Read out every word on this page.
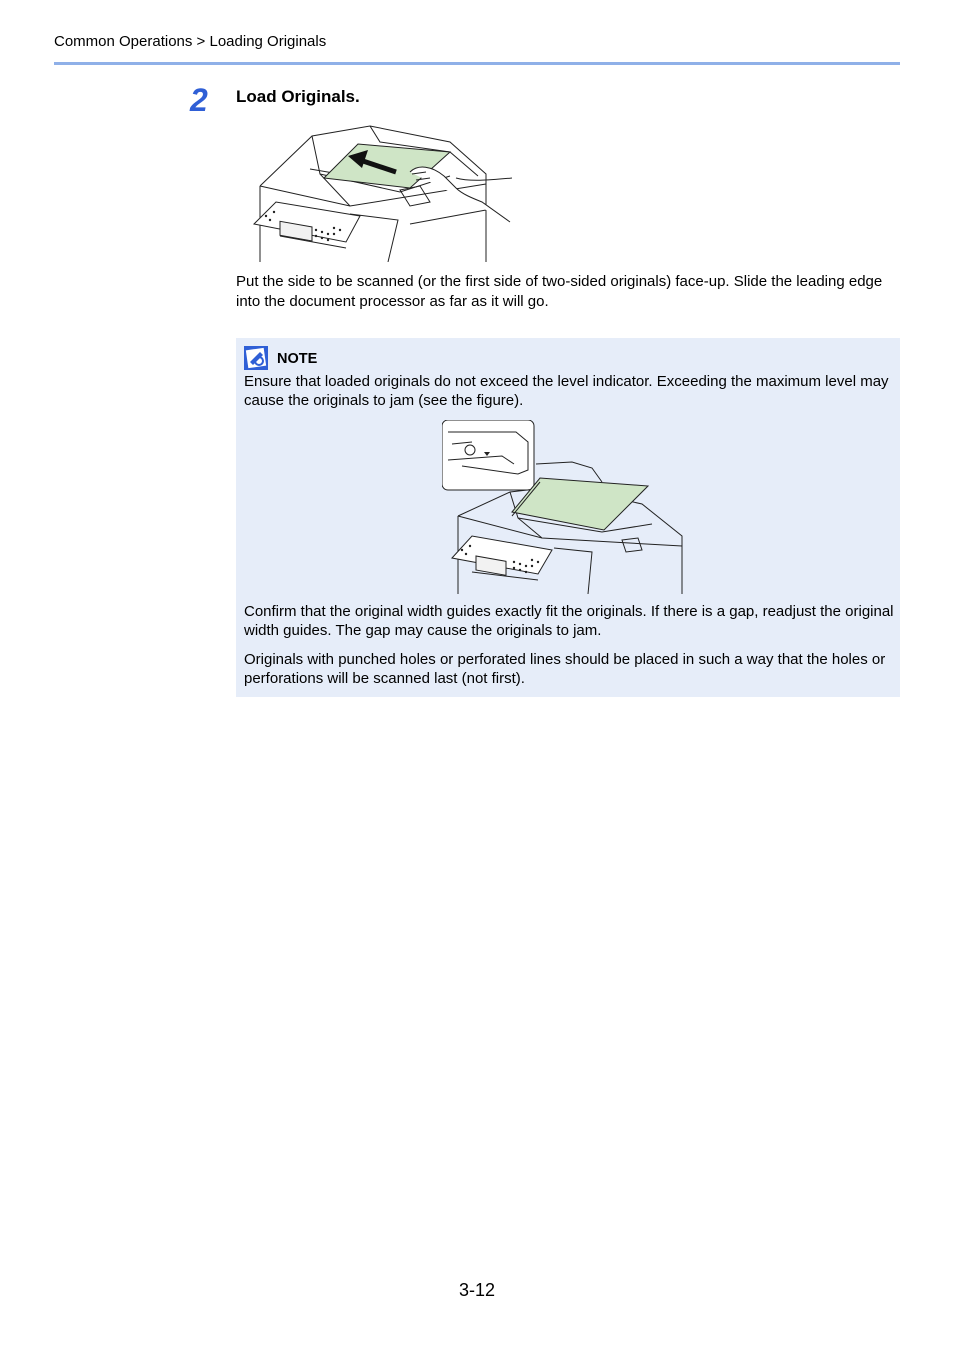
Common Operations > Loading Originals
2 Load Originals.

Put the side to be scanned (or the first side of two-sided originals) face-up. Slide the leading edge into the document processor as far as it will go.

NOTE

Ensure that loaded originals do not exceed the level indicator. Exceeding the maximum level may cause the originals to jam (see the figure).

Confirm that the original width guides exactly fit the originals. If there is a gap, readjust the original width guides. The gap may cause the originals to jam.

Originals with punched holes or perforated lines should be placed in such a way that the holes or perforations will be scanned last (not first).

3-12
